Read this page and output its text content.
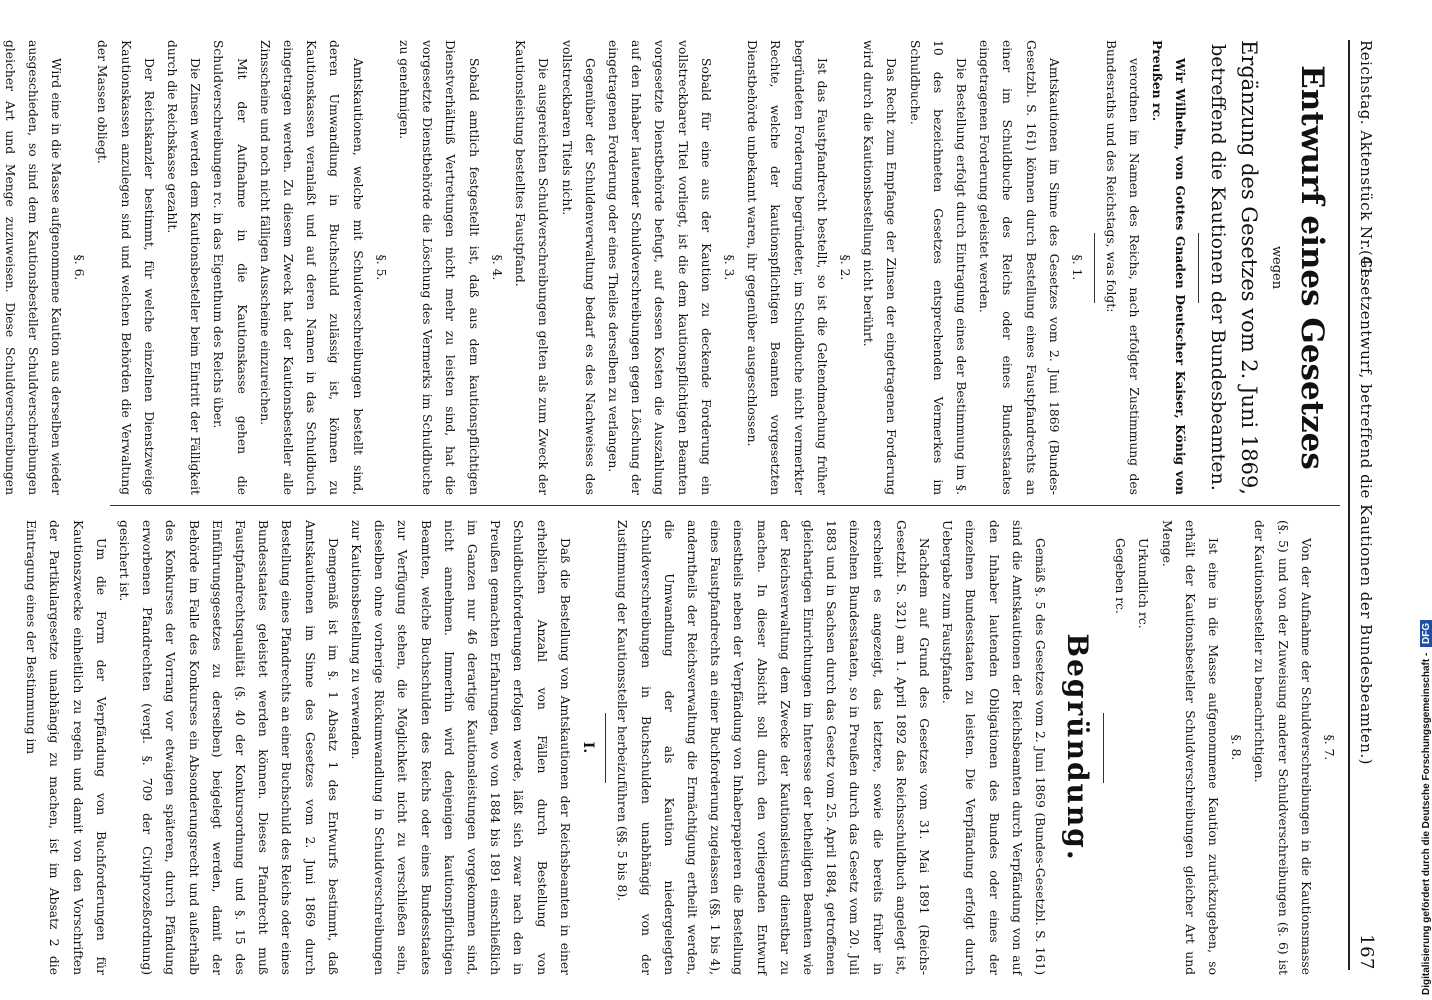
Reichstag. Aktenstück Nr. 41.
(Gesetzentwurf, betreffend die Kautionen der Bundesbeamten.)
167
Entwurf eines Gesetzes
wegen
Ergänzung des Gesetzes vom 2. Juni 1869,
betreffend die Kautionen der Bundesbeamten.

Wir Wilhelm, von Gottes Gnaden Deutscher Kaiser, König von Preußen rc.

verordnen im Namen des Reichs, nach erfolgter Zustimmung des Bundesraths und des Reichstags, was folgt:

§. 1.

Amtskautionen im Sinne des Gesetzes vom 2. Juni 1869 (Bundes-Gesetzbl. S. 161) können durch Bestellung eines Faustpfandrechts an einer im Schuldbuche des Reichs oder eines Bundesstaates eingetragenen Forderung geleistet werden.

Die Bestellung erfolgt durch Eintragung eines der Bestimmung im §. 10 des bezeichneten Gesetzes entsprechenden Vermerkes im Schuldbuche.

Das Recht zum Empfange der Zinsen der eingetragenen Forderung wird durch die Kautionsbestellung nicht berührt.

§. 2.

Ist das Faustpfandrecht bestellt, so ist die Geltendmachung früher begründeten Forderung begründeter, im Schuldbuche nicht vermerkter Rechte, welche der kautionspflichtigen Beamten vorgesetzten Dienstbehörde unbekannt waren, ihr gegenüber ausgeschlossen.

§. 3.

Sobald für eine aus der Kaution zu deckende Forderung ein vollstreckbarer Titel vorliegt, ist die dem kautionspflichtigen Beamten vorgesetzte Dienstbehörde befugt, auf dessen Kosten die Auszahlung auf den Inhaber lautender Schuldverschreibungen gegen Löschung der eingetragenen Forderung oder eines Theiles derselben zu verlangen.

Gegenüber der Schuldenverwaltung bedarf es des Nachweises des vollstreckbaren Titels nicht.

Die ausgereichten Schuldverschreibungen gelten als zum Zweck der Kautionsleistung bestelltes Faustpfand.

§. 4.

Sobald amtlich festgestellt ist, daß aus dem kautionspflichtigen Dienstverhältniß Vertretungen nicht mehr zu leisten sind, hat die vorgesetzte Dienstbehörde die Löschung des Vermerks im Schuldbuche zu genehmigen.

§. 5.

Amtskautionen, welche mit Schuldverschreibungen bestellt sind, deren Umwandlung in Buchschuld zulässig ist, können zu Kautionskassen veranlaßt und auf deren Namen in das Schuldbuch eingetragen werden. Zu diesem Zweck hat der Kautionsbesteller alle Zinsscheine und noch nicht fälligen Ausscheine einzureichen.

Mit der Aufnahme in die Kautionskasse gehen die Schuldverschreibungen rc. in das Eigenthum des Reichs über.

Die Zinsen werden dem Kautionsbesteller beim Eintritt der Fälligkeit durch die Reichskasse gezahlt.

Der Reichskanzler bestimmt, für welche einzelnen Dienstzweige Kautionskassen anzulegen sind und welchen Behörden die Verwaltung der Massen obliegt.

§. 6.

Wird eine in die Masse aufgenommene Kaution aus derselben wieder ausgeschieden, so sind dem Kautionsbesteller Schuldverschreibungen gleicher Art und Menge zuzuweisen. Diese Schuldverschreibungen

§. 7.

Von der Aufnahme der Schuldverschreibungen in die Kautionsmasse (§. 5) und von der Zuweisung anderer Schuldverschreibungen (§. 6) ist der Kautionsbesteller zu benachrichtigen.

§. 8.

Ist eine in die Masse aufgenommene Kaution zurückzugeben, so erhält der Kautionsbesteller Schuldverschreibungen gleicher Art und Menge.

Urkundlich rc.

Gegeben rc.

Begründung.

Gemäß §. 5 des Gesetzes vom 2. Juni 1869 (Bundes-Gesetzbl. S. 161) sind die Amtskautionen der Reichsbeamten durch Verpfändung von auf den Inhaber lautenden Obligationen des Bundes oder eines der einzelnen Bundesstaaten zu leisten. Die Verpfändung erfolgt durch Uebergabe zum Faustpfande.

Nachdem auf Grund des Gesetzes vom 31. Mai 1891 (Reichs-Gesetzbl. S. 321) am 1. April 1892 das Reichsschuldbuch angelegt ist, erscheint es angezeigt, das letztere, sowie die bereits früher in einzelnen Bundesstaaten, so in Preußen durch das Gesetz vom 20. Juli 1883 und in Sachsen durch das Gesetz vom 25. April 1884, getroffenen gleichartigen Einrichtungen im Interesse der betheiligten Beamten wie der Reichsverwaltung dem Zwecke der Kautionsleistung dienstbar zu machen. In dieser Absicht soll durch den vorliegenden Entwurf einestheils neben der Verpfändung von Inhaberpapieren die Bestellung eines Faustpfandrechts an einer Buchforderung zugelassen (§§. 1 bis 4), anderntheils der Reichsverwaltung die Ermächtigung ertheilt werden, die Umwandlung der als Kaution niedergelegten Schuldverschreibungen in Buchschulden unabhängig von der Zustimmung der Kautionssteller herbeizuführen (§§. 5 bis 8).

I.

Daß die Bestellung von Amtskautionen der Reichsbeamten in einer erheblichen Anzahl von Fällen durch Bestellung von Schuldbuchforderungen erfolgen werde, läßt sich zwar nach den in Preußen gemachten Erfahrungen, wo von 1884 bis 1891 einschließlich im Ganzen nur 46 derartige Kautionsleistungen vorgekommen sind, nicht annehmen. Immerhin wird denjenigen kautionspflichtigen Beamten, welche Buchschulden des Reichs oder eines Bundesstaates zur Verfügung stehen, die Möglichkeit nicht zu verschließen sein, dieselben ohne vorherige Rückumwandlung in Schuldverschreibungen zur Kautionsbestellung zu verwenden.

Demgemäß ist im §. 1 Absatz 1 des Entwurfs bestimmt, daß Amtskautionen im Sinne des Gesetzes vom 2. Juni 1869 durch Bestellung eines Pfandrechts an einer Buchschuld des Reichs oder eines Bundesstaates geleistet werden können. Dieses Pfandrecht muß Faustpfandrechtsqualität (§. 40 der Konkursordnung und §. 15 des Einführungsgesetzes zu derselben) beigelegt werden, damit der Behörde im Falle des Konkurses ein Absonderungsrecht und außerhalb des Konkurses der Vorrang vor etwaigen späteren, durch Pfändung erworbenen Pfandrechten (vergl. §. 709 der Civilprozeßordnung) gesichert ist.

Um die Form der Verpfändung von Buchforderungen für Kautionszwecke einheitlich zu regeln und damit von den Vorschriften der Partikulargesetze unabhängig zu machen, ist im Absatz 2 die Eintragung eines der Bestimmung im

Digitalisierung gefördert durch die Deutsche Forschungsgemeinschaft - DFG
